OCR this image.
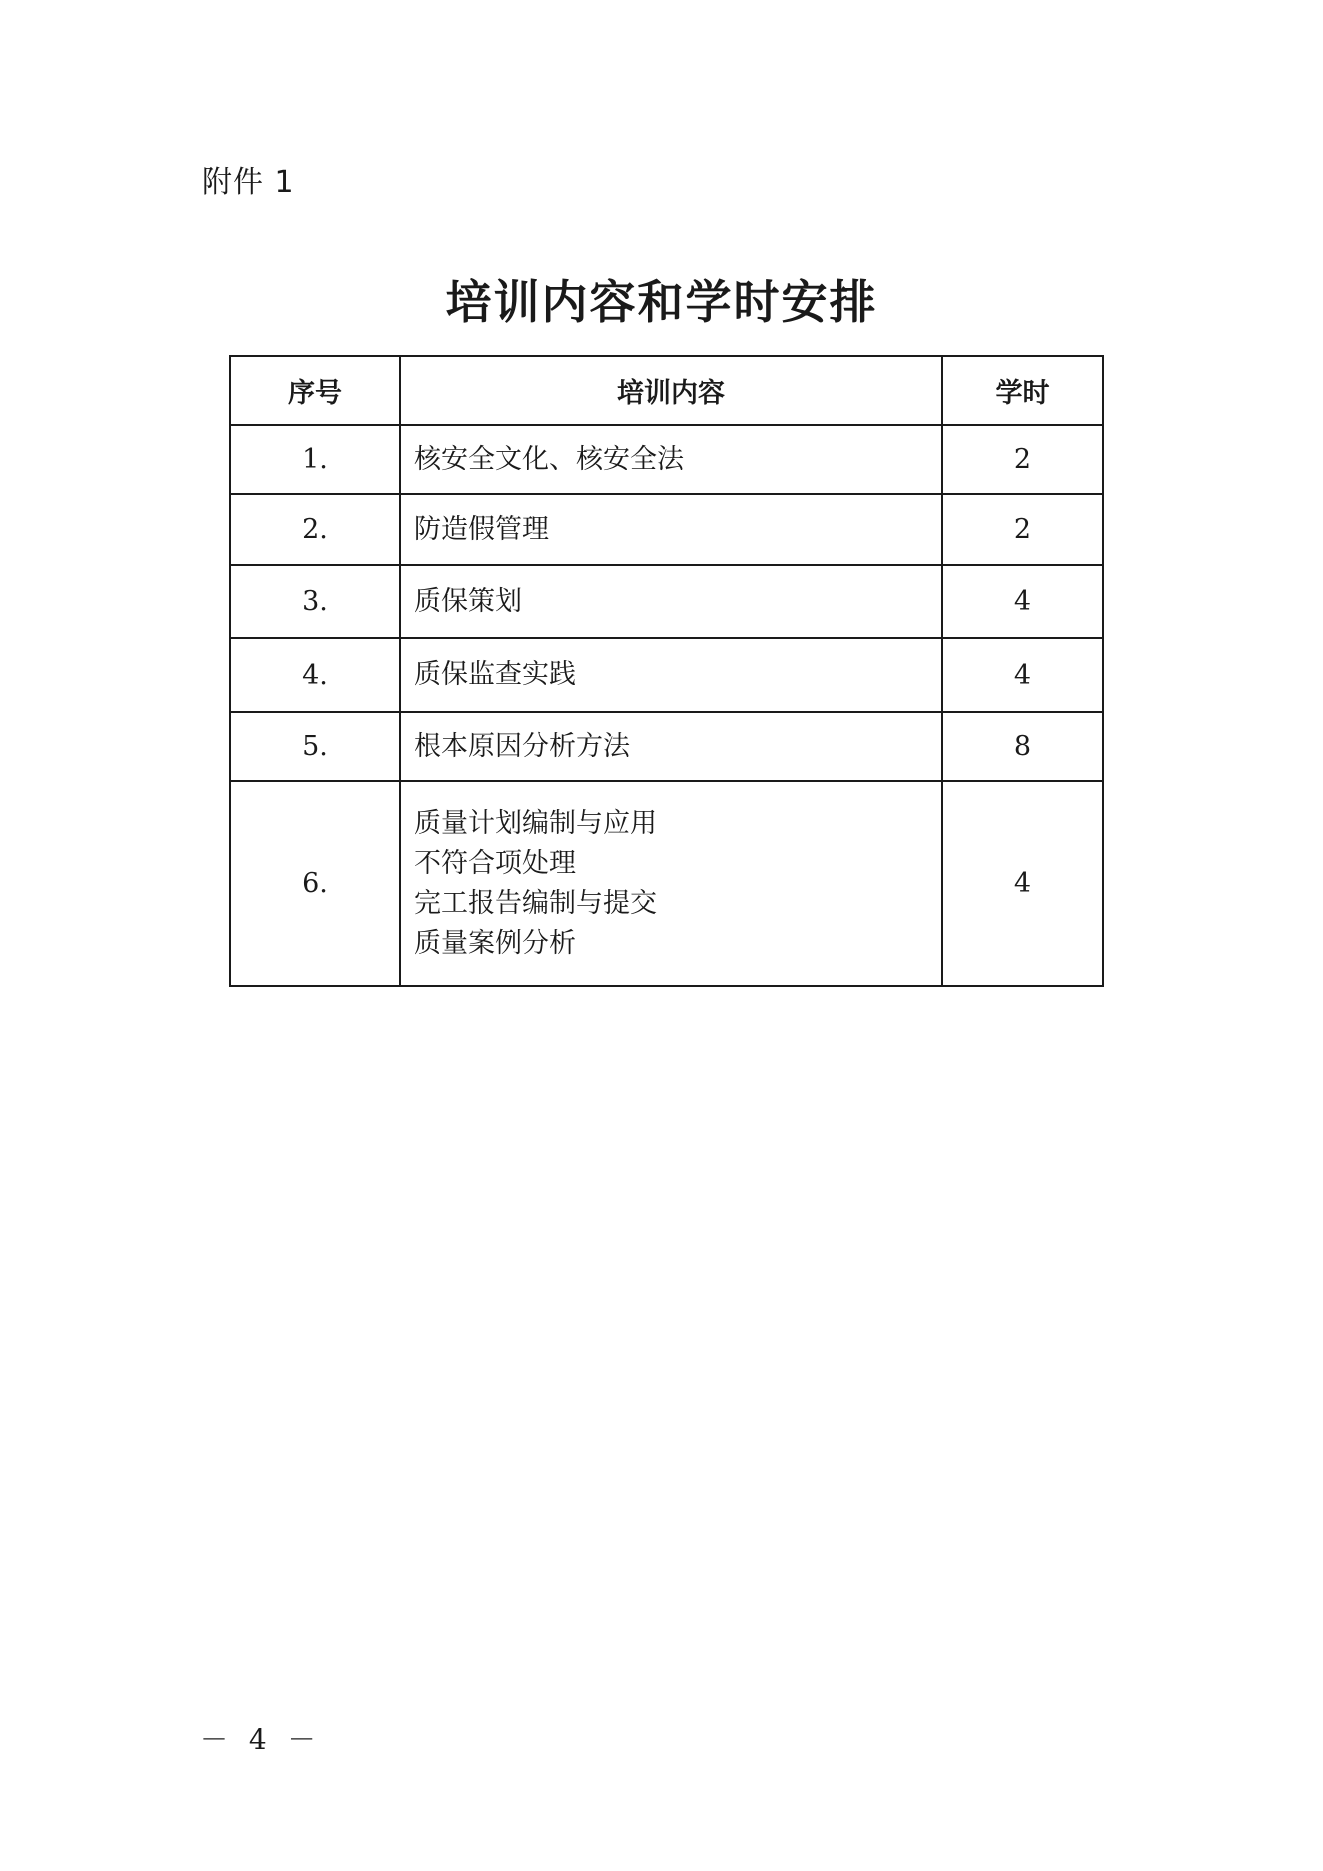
附件 1
培训内容和学时安排
序号	培训内容	学时
1.	核安全文化、核安全法	2
2.	防造假管理	2
3.	质保策划	4
4.	质保监查实践	4
5.	根本原因分析方法	8
6.	质量计划编制与应用
不符合项处理
完工报告编制与提交
质量案例分析	4
－ 4 －
